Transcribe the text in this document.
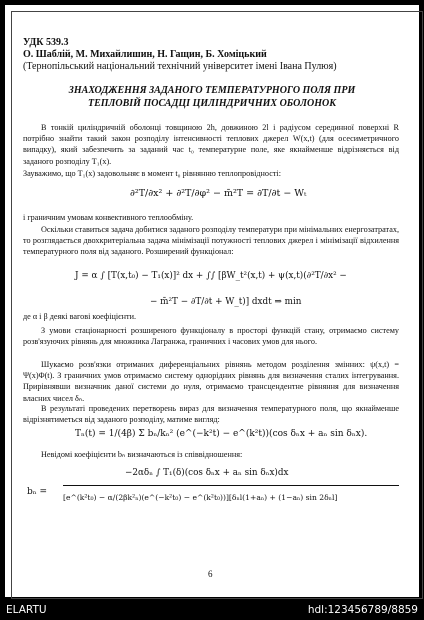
УДК 539.3
О. Шаблій, М. Михайлишин, Н. Гащин, Б. Хоміцький
(Тернопільський національний технічний університет імені Івана Пулюя)
ЗНАХОДЖЕННЯ ЗАДАНОГО ТЕМПЕРАТУРНОГО ПОЛЯ ПРИ
ТЕПЛОВІЙ ПОСАДЦІ ЦИЛІНДРИЧНИХ ОБОЛОНОК
В тонкій циліндричній оболонці товщиною 2h, довжиною 2l і радіусом серединної поверхні R потрібно знайти такий закон розподілу інтенсивності теплових джерел W(x,t) (для осесиметричного випадку), який забезпечить за заданий час t₀ температурне поле, яке якнайменше відрізняється від заданого розподілу T₁(x).
Зауважимо, що T₁(x) задовольняє в момент t₀ рівнянню теплопровідності:
∂²T/∂x² + ∂²T/∂φ² − m̄²T = ∂T/∂t − Wₜ
і граничним умовам конвективного теплообміну.
Оскільки ставиться задача добитися заданого розподілу температури при мінімальних енергозатратах, то розглядається двохкритеріальна задача мінімізації потужності теплових джерел і мінімізації відхилення температурного поля від заданого. Розширений функціонал:
J = α ∫ [T(x,t₀) − T₁(x)]² dx + ∫∫ [βW_t²(x,t) + ψ(x,t)(∂²T/∂x² −
− m̄²T − ∂T/∂t + W_t)] dxdt ⇒ min
де α і β деякі вагові коефіцієнти.
З умови стаціонарності розширеного функціоналу в просторі функцій стану, отримаємо систему розв'язуючих рівнянь для множника Лагранжа, граничних і часових умов для нього.
Шукаємо розв'язки отриманих диференціальних рівнянь методом розділення змінних: ψ(x,t) = Ψ(x)Φ(t). З граничних умов отримаємо систему однорідних рівнянь для визначення сталих інтегрування. Прирівнявши визначник даної системи до нуля, отримаємо трансцендентне рівняння для визначення власних чисел δₙ.
В результаті проведених перетворень вираз для визначення температурного поля, що якнайменше відрізнятиметься від заданого розподілу, матиме вигляд:
Tₙ(t) = 1/(4β) Σ bₙ/kₙ² (e^(−k²t) − e^(k²t))(cos δₙx + aₙ sin δₙx).
Невідомі коефіцієнти bₙ визначаються із співвідношення:
−2αδₙ ∫ T₁(δ)(cos δₙx + aₙ sin δₙx)dx
bₙ =
[e^(k²t₀) − α/(2βk²ₙ)(e^(−k²t₀) − e^(k²t₀))][δₙl(1+aₙ) + (1−aₙ) sin 2δₙl]
6
ELARTU	hdl:123456789/8859
